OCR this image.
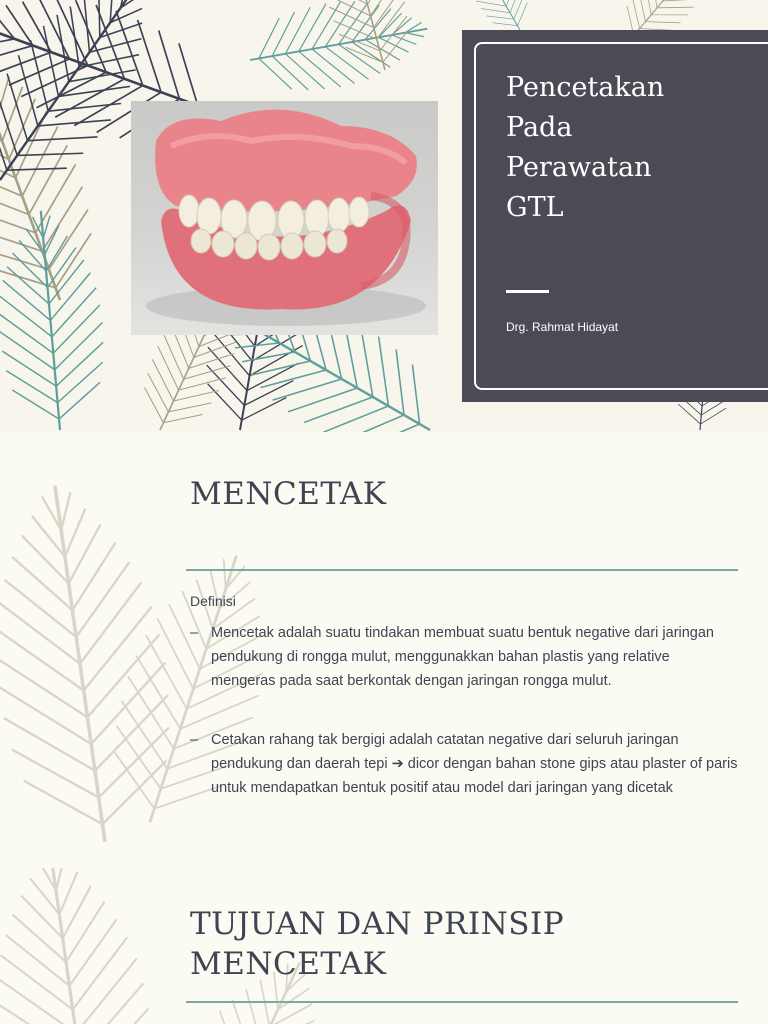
Pencetakan
Pada
Perawatan
GTL
Drg. Rahmat Hidayat
MENCETAK
Definisi
– Mencetak adalah suatu tindakan membuat suatu bentuk negative dari jaringan pendukung di rongga mulut, menggunakkan bahan plastis yang relative mengeras pada saat berkontak dengan jaringan rongga mulut.
– Cetakan rahang tak bergigi adalah catatan negative dari seluruh jaringan pendukung dan daerah tepi ➔ dicor dengan bahan stone gips atau plaster of paris untuk mendapatkan bentuk positif atau model dari jaringan yang dicetak
TUJUAN DAN PRINSIP
MENCETAK
